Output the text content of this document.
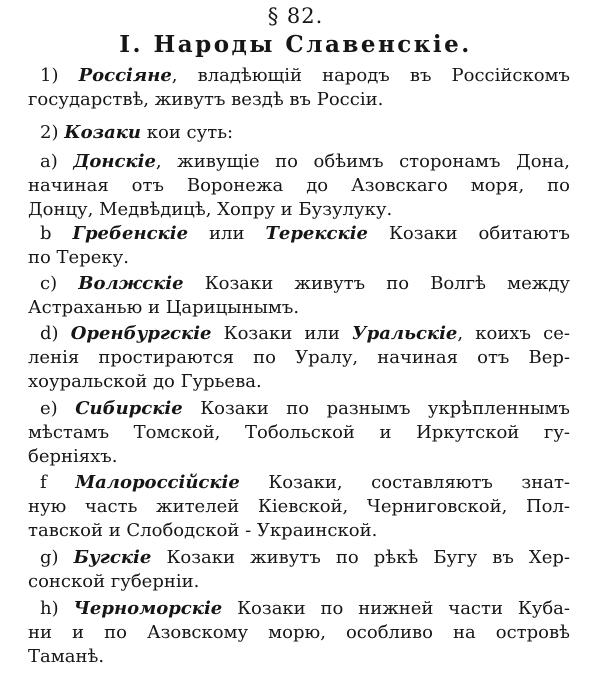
§ 82.
I. Народы Славенскiе.
1) Россiяне, владѣющiй народъ въ Россiйскомъ
государствѣ, живутъ вездѣ въ Россiи.
2) Козаки кои суть:
a) Донскiе, живущiе по обѣимъ сторонамъ Дона,
начиная отъ Воронежа до Азовскаго моря, по
Донцу, Медвѣдицѣ, Хопру и Бузулуку.
b Гребенскiе или Терекскiе Козаки обитаютъ
по Тереку.
c) Волжскiе Козаки живутъ по Волгѣ между
Астраханью и Царицынымъ.
d) Оренбургскiе Козаки или Уральскiе, коихъ се-
ленiя простираются по Уралу, начиная отъ Вер-
хоуральской до Гурьева.
e) Сибирскiе Козаки по разнымъ укрѣпленнымъ
мѣстамъ Томской, Тобольской и Иркутской гу-
бернiяхъ.
f Малороссiйскiе Козаки, составляютъ знат-
ную часть жителей Кiевской, Черниговской, Пол-
тавской и Слободской - Украинской.
g) Бугскiе Козаки живутъ по рѣкѣ Бугу въ Хер-
сонской губернiи.
h) Черноморскiе Козаки по нижней части Куба-
ни и по Азовскому морю, особливо на островѣ
Таманѣ.
